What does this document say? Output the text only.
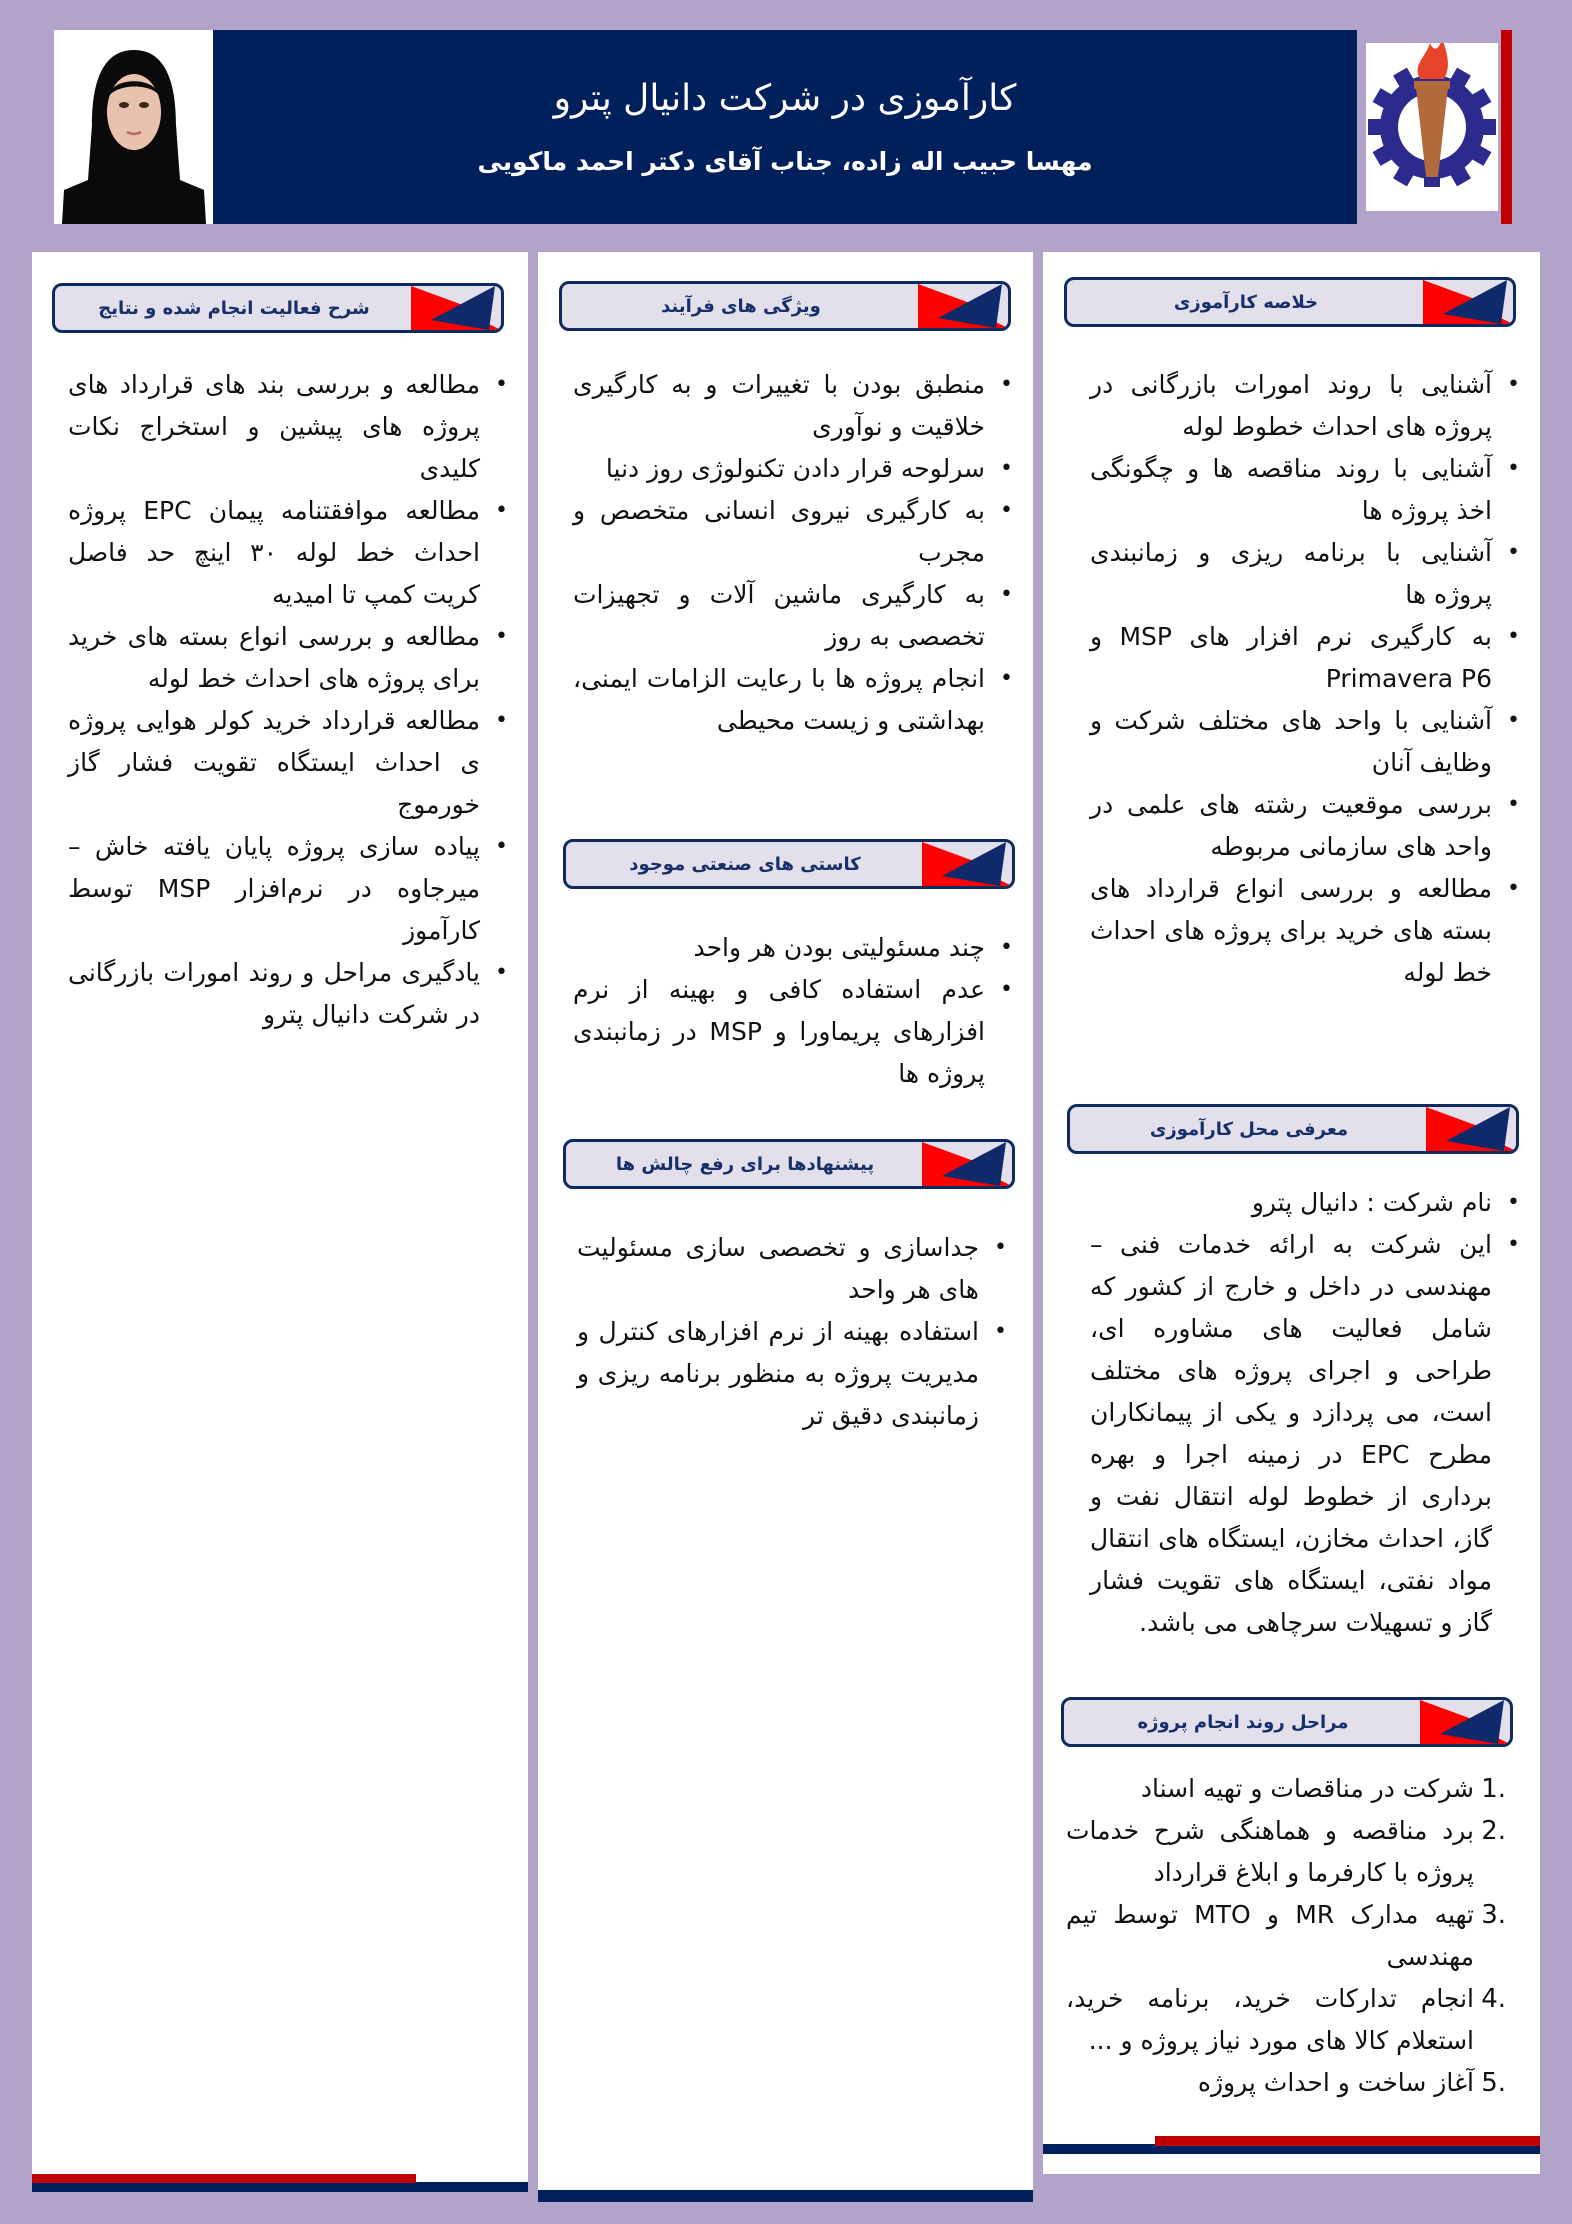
کارآموزی در شرکت دانیال پترو
مهسا حبیب اله زاده، جناب آقای دکتر احمد ماکویی
خلاصه کارآموزی
•
آشنایی با روند امورات بازرگانی در پروژه های احداث خطوط لوله
•
آشنایی با روند مناقصه ها و چگونگی اخذ پروژه ها
•
آشنایی با برنامه ریزی و زمانبندی پروژه ها
•
به کارگیری نرم افزار های MSP و Primavera P6
•
آشنایی با واحد های مختلف شرکت و وظایف آنان
•
بررسی موقعیت رشته های علمی در واحد های سازمانی مربوطه
•
مطالعه و بررسی انواع قرارداد های بسته های خرید برای پروژه های احداث خط لوله
معرفی محل کارآموزی
•
نام شرکت : دانیال پترو
•
این شرکت به ارائه خدمات فنی – مهندسی در داخل و خارج از کشور که شامل فعالیت های مشاوره ای، طراحی و اجرای پروژه های مختلف است، می پردازد و یکی از پیمانکاران مطرح EPC در زمینه اجرا و بهره برداری از خطوط لوله انتقال نفت و گاز، احداث مخازن، ایستگاه های انتقال مواد نفتی، ایستگاه های تقویت فشار گاز و تسهیلات سرچاهی می باشد.
مراحل روند انجام پروژه
1.
شرکت در مناقصات و تهیه اسناد
2.
برد مناقصه و هماهنگی شرح خدمات پروژه با کارفرما و ابلاغ قرارداد
3.
تهیه مدارک MR و MTO توسط تیم مهندسی
4.
انجام تدارکات خرید، برنامه خرید، استعلام کالا های مورد نیاز پروژه و ...
5.
آغاز ساخت و احداث پروژه
ویژگی های فرآیند
•
منطبق بودن با تغییرات و به کارگیری خلاقیت و نوآوری
•
سرلوحه قرار دادن تکنولوژی روز دنیا
•
به کارگیری نیروی انسانی متخصص و مجرب
•
به کارگیری ماشین آلات و تجهیزات تخصصی به روز
•
انجام پروژه ها با رعایت الزامات ایمنی، بهداشتی و زیست محیطی
کاستی های صنعتی موجود
•
چند مسئولیتی بودن هر واحد
•
عدم استفاده کافی و بهینه از نرم افزارهای پریماورا و MSP در زمانبندی پروژه ها
پیشنهادها برای رفع چالش ها
•
جداسازی و تخصصی سازی مسئولیت های هر واحد
•
استفاده بهینه از نرم افزارهای کنترل و مدیریت پروژه به منظور برنامه ریزی و زمانبندی دقیق تر
شرح فعالیت انجام شده و نتایج
•
مطالعه و بررسی بند های قرارداد های پروژه های پیشین و استخراج نکات کلیدی
•
مطالعه موافقتنامه پیمان EPC پروژه احداث خط لوله ۳۰ اینچ حد فاصل کریت کمپ تا امیدیه
•
مطالعه و بررسی انواع بسته های خرید برای پروژه های احداث خط لوله
•
مطالعه قرارداد خرید کولر هوایی پروژه ی احداث ایستگاه تقویت فشار گاز خورموج
•
پیاده سازی پروژه پایان یافته خاش – میرجاوه در نرم‌افزار MSP توسط کارآموز
•
یادگیری مراحل و روند امورات بازرگانی در شرکت دانیال پترو
